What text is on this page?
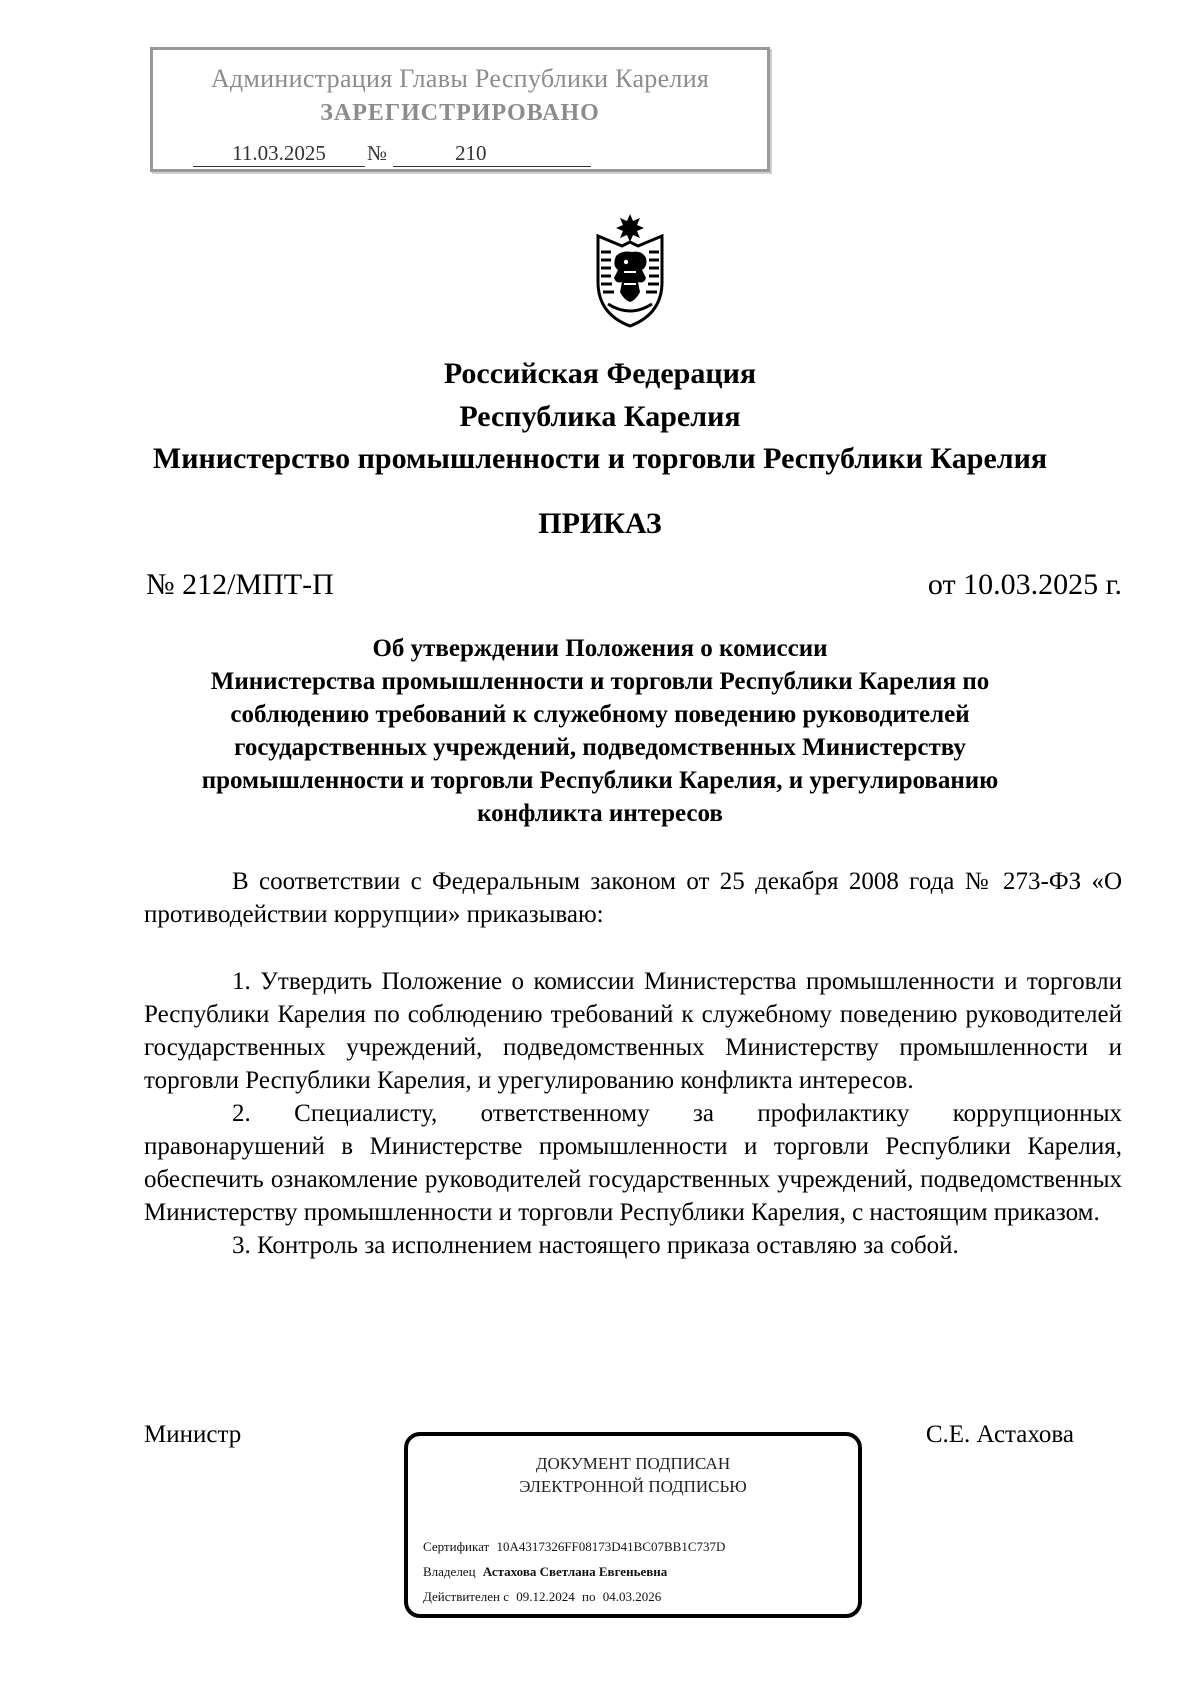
Администрация Главы Республики Карелия
ЗАРЕГИСТРИРОВАНО
11.03.2025	№	210
Российская Федерация
Республика Карелия
Министерство промышленности и торговли Республики Карелия
ПРИКАЗ
№ 212/МПТ-П	от 10.03.2025 г.
Об утверждении Положения о комиссии
Министерства промышленности и торговли Республики Карелия по
соблюдению требований к служебному поведению руководителей
государственных учреждений, подведомственных Министерству
промышленности и торговли Республики Карелия, и урегулированию
конфликта интересов
В соответствии с Федеральным законом от 25 декабря 2008 года № 273-ФЗ «О противодействии коррупции» приказываю:

1. Утвердить Положение о комиссии Министерства промышленности и торговли Республики Карелия по соблюдению требований к служебному поведению руководителей государственных учреждений, подведомственных Министерству промышленности и торговли Республики Карелия, и урегулированию конфликта интересов.

2. Специалисту, ответственному за профилактику коррупционных правонарушений в Министерстве промышленности и торговли Республики Карелия, обеспечить ознакомление руководителей государственных учреждений, подведомственных Министерству промышленности и торговли Республики Карелия, с настоящим приказом.

3. Контроль за исполнением настоящего приказа оставляю за собой.

Министр	С.Е. Астахова
ДОКУМЕНТ ПОДПИСАН
ЭЛЕКТРОННОЙ ПОДПИСЬЮ
Сертификат 10A4317326FF08173D41BC07BB1C737D
Владелец Астахова Светлана Евгеньевна
Действителен с 09.12.2024 по 04.03.2026
